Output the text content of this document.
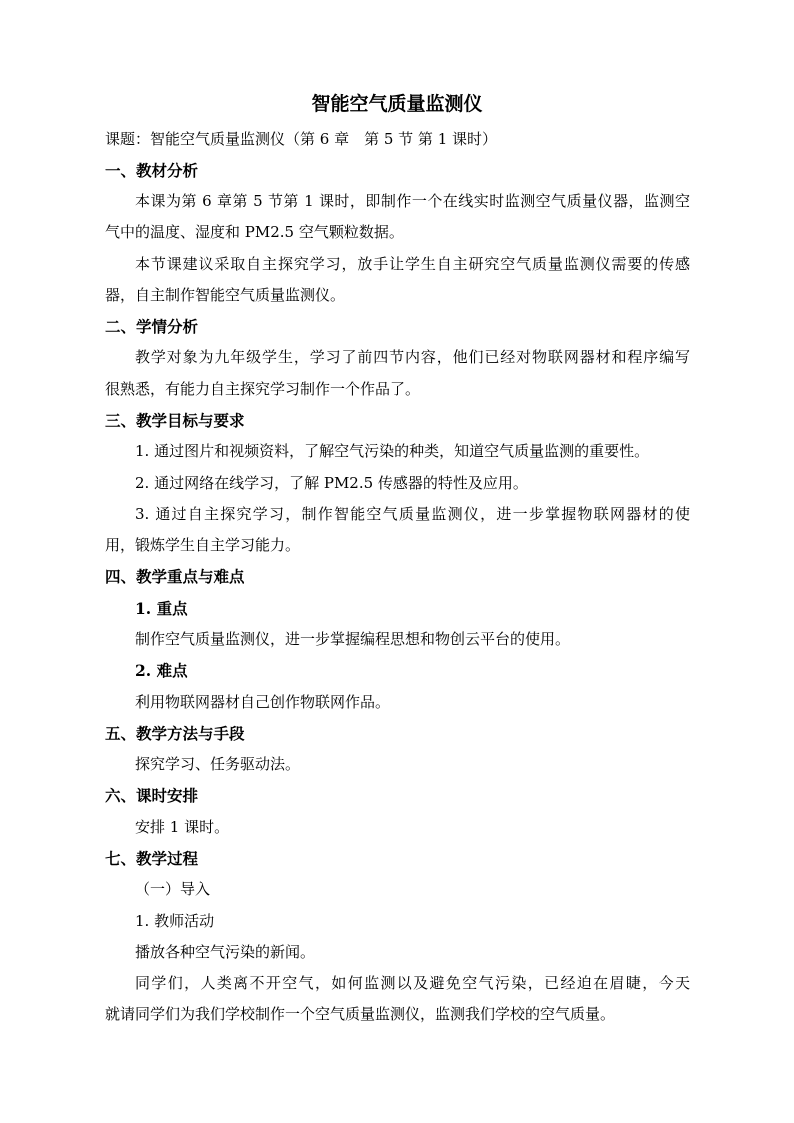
智能空气质量监测仪
课题：智能空气质量监测仪（第 6 章　第 5 节 第 1 课时）
一、教材分析
本课为第 6 章第 5 节第 1 课时，即制作一个在线实时监测空气质量仪器，监测空
气中的温度、湿度和 PM2.5 空气颗粒数据。
本节课建议采取自主探究学习，放手让学生自主研究空气质量监测仪需要的传感
器，自主制作智能空气质量监测仪。
二、学情分析
教学对象为九年级学生，学习了前四节内容，他们已经对物联网器材和程序编写
很熟悉，有能力自主探究学习制作一个作品了。
三、教学目标与要求
1. 通过图片和视频资料，了解空气污染的种类，知道空气质量监测的重要性。
2. 通过网络在线学习，了解 PM2.5 传感器的特性及应用。
3. 通过自主探究学习，制作智能空气质量监测仪，进一步掌握物联网器材的使
用，锻炼学生自主学习能力。
四、教学重点与难点
1. 重点
制作空气质量监测仪，进一步掌握编程思想和物创云平台的使用。
2. 难点
利用物联网器材自己创作物联网作品。
五、教学方法与手段
探究学习、任务驱动法。
六、课时安排
安排 1 课时。
七、教学过程
（一）导入
1. 教师活动
播放各种空气污染的新闻。
同学们，人类离不开空气，如何监测以及避免空气污染，已经迫在眉睫，今天
就请同学们为我们学校制作一个空气质量监测仪，监测我们学校的空气质量。
